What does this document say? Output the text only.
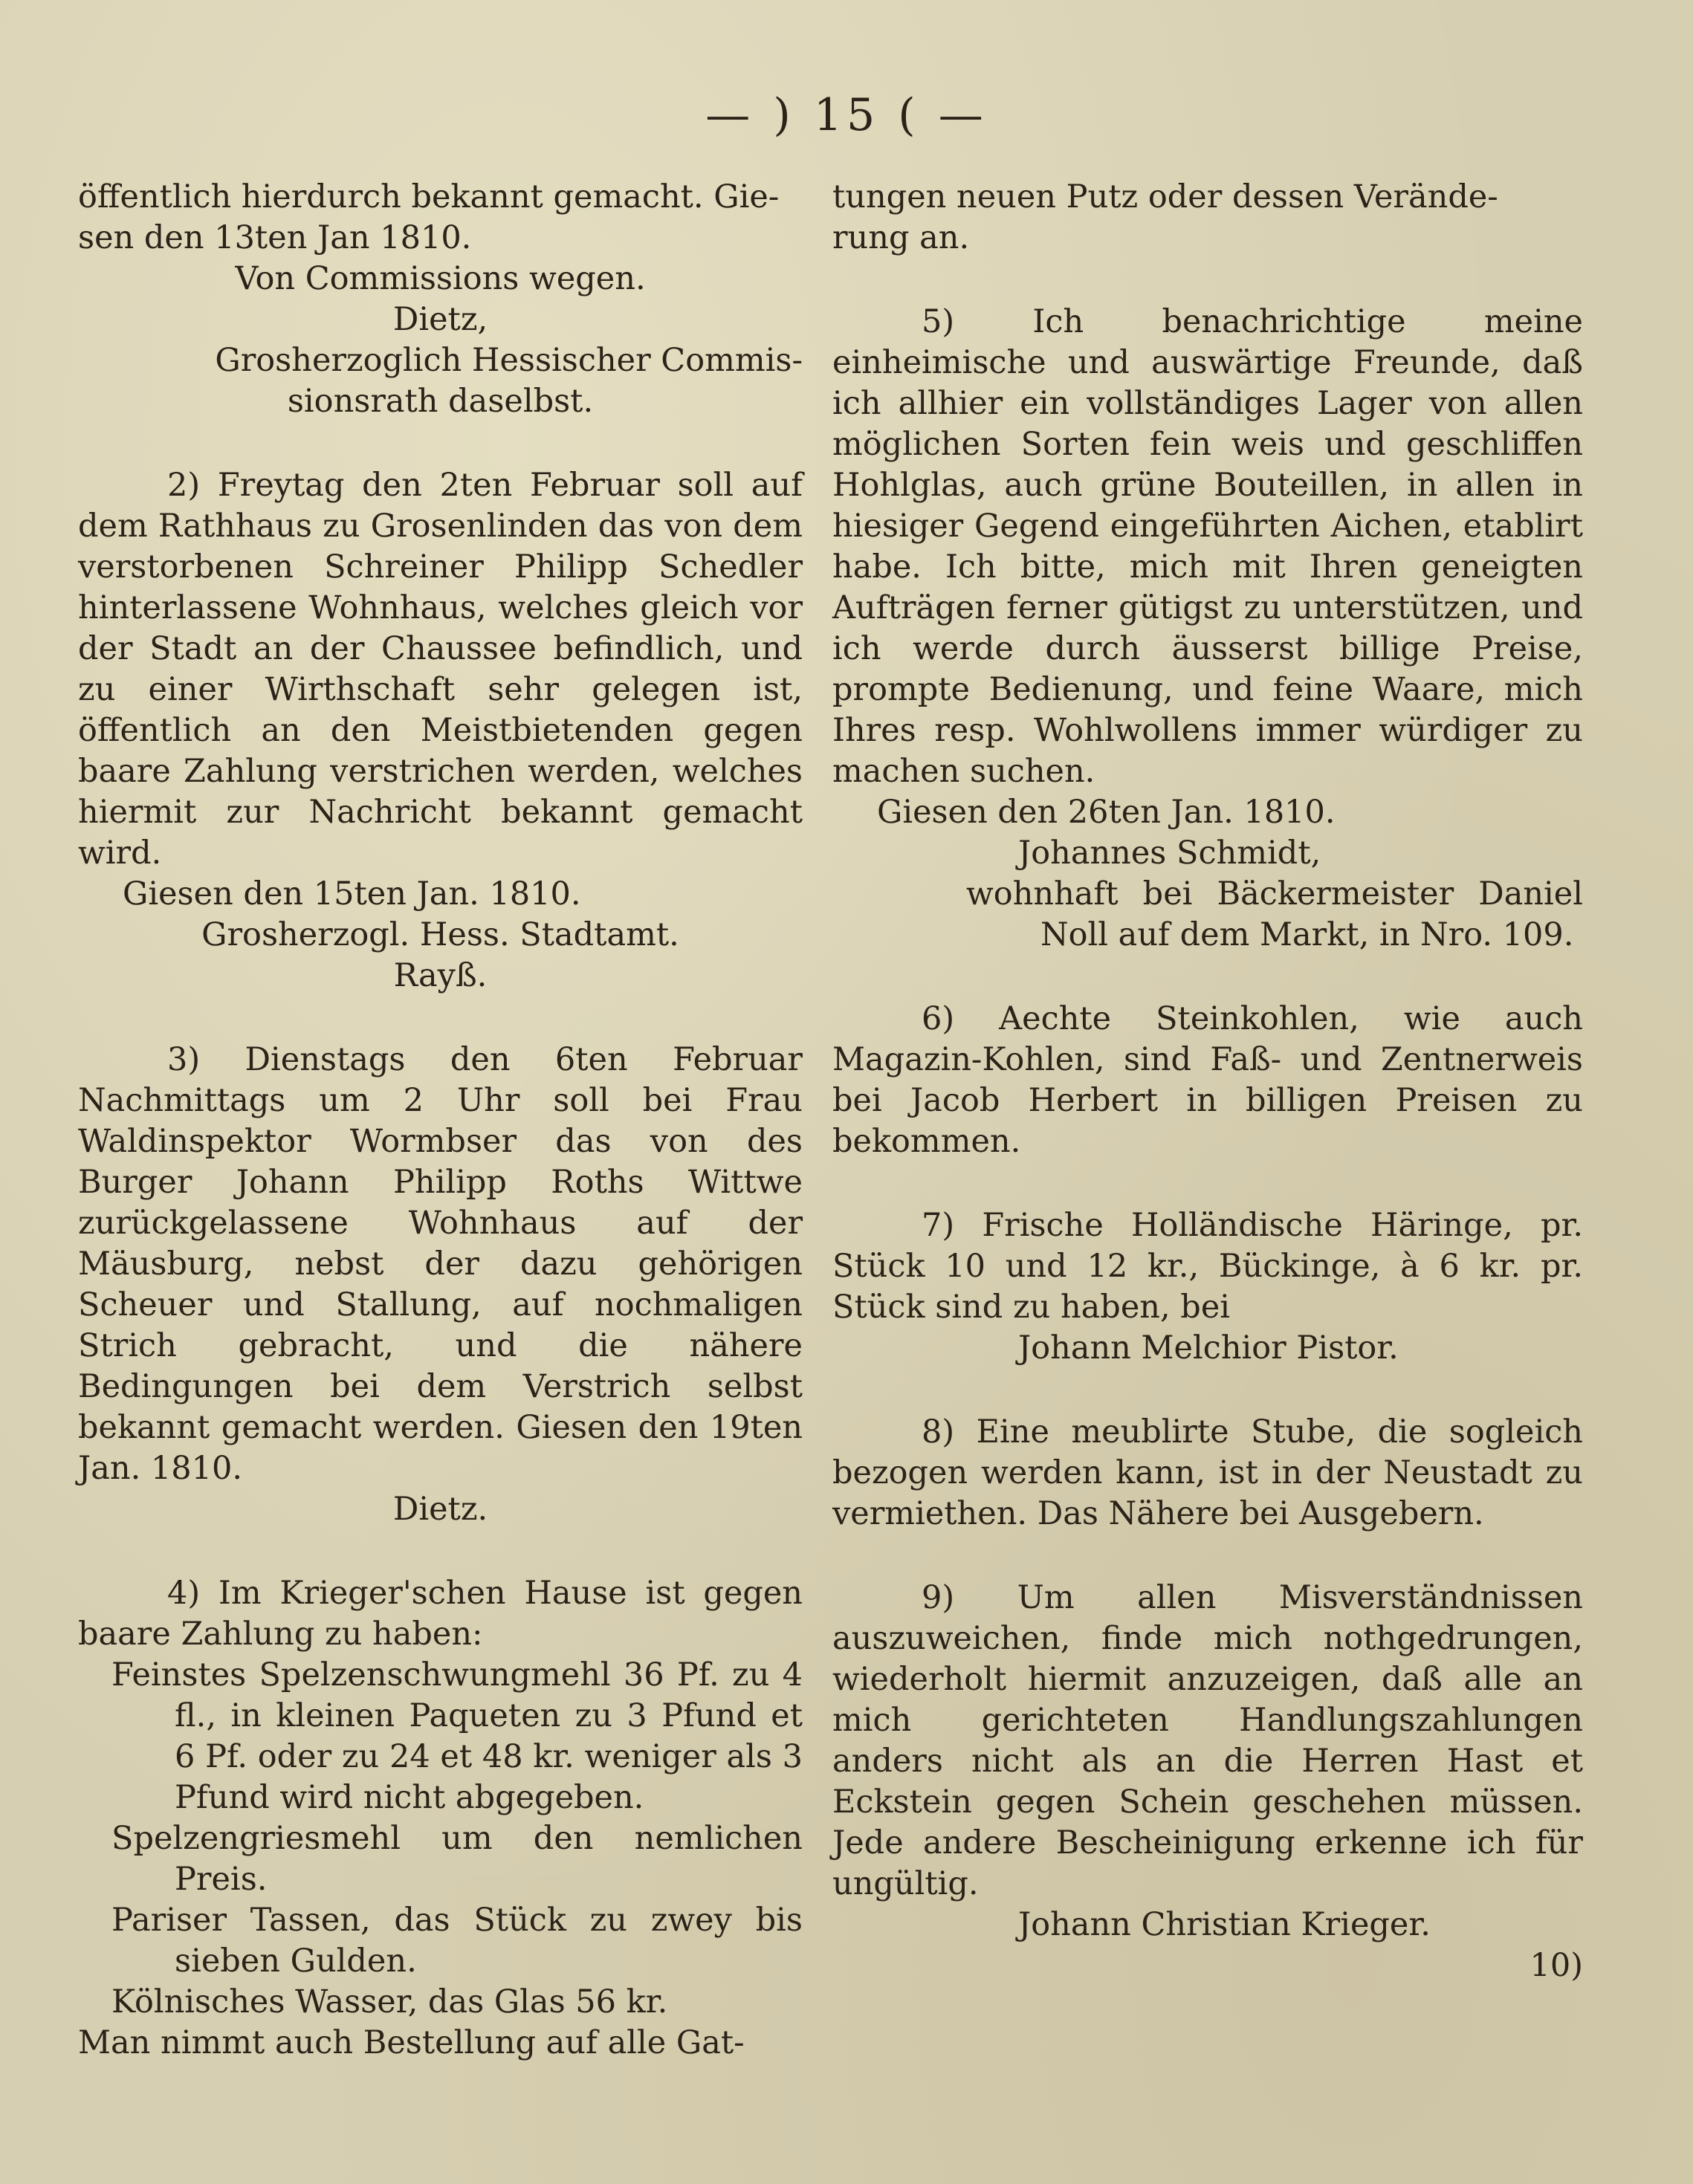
— ) 15 ( —

öffentlich hierdurch bekannt gemacht. Gie-

sen den 13ten Jan 1810.

Von Commissions wegen.

Dietz,

Grosherzoglich Hessischer Commis-

sionsrath daselbst.

2) Freytag den 2ten Februar soll auf dem Rathhaus zu Grosenlinden das von dem verstorbenen Schreiner Philipp Schedler hinterlassene Wohnhaus, welches gleich vor der Stadt an der Chaussee befindlich, und zu einer Wirthschaft sehr gelegen ist, öffentlich an den Meistbietenden gegen baare Zahlung verstrichen werden, welches hiermit zur Nachricht bekannt gemacht wird.

Giesen den 15ten Jan. 1810.

Grosherzogl. Hess. Stadtamt.

Rayß.

3) Dienstags den 6ten Februar Nachmittags um 2 Uhr soll bei Frau Waldinspektor Wormbser das von des Burger Johann Philipp Roths Wittwe zurückgelassene Wohnhaus auf der Mäusburg, nebst der dazu gehörigen Scheuer und Stallung, auf nochmaligen Strich gebracht, und die nähere Bedingungen bei dem Verstrich selbst bekannt gemacht werden. Giesen den 19ten Jan. 1810.

Dietz.

4) Im Krieger'schen Hause ist gegen baare Zahlung zu haben:

Feinstes Spelzenschwungmehl 36 Pf. zu 4 fl., in kleinen Paqueten zu 3 Pfund et 6 Pf. oder zu 24 et 48 kr. weniger als 3 Pfund wird nicht abgegeben.

Spelzengriesmehl um den nemlichen Preis.

Pariser Tassen, das Stück zu zwey bis sieben Gulden.

Kölnisches Wasser, das Glas 56 kr.

Man nimmt auch Bestellung auf alle Gat-

tungen neuen Putz oder dessen Verände-

rung an.

5) Ich benachrichtige meine einheimische und auswärtige Freunde, daß ich allhier ein vollständiges Lager von allen möglichen Sorten fein weis und geschliffen Hohlglas, auch grüne Bouteillen, in allen in hiesiger Gegend eingeführten Aichen, etablirt habe. Ich bitte, mich mit Ihren geneigten Aufträgen ferner gütigst zu unterstützen, und ich werde durch äusserst billige Preise, prompte Bedienung, und feine Waare, mich Ihres resp. Wohlwollens immer würdiger zu machen suchen.

Giesen den 26ten Jan. 1810.

Johannes Schmidt,

wohnhaft bei Bäckermeister Daniel Noll auf dem Markt, in Nro. 109.

6) Aechte Steinkohlen, wie auch Magazin-Kohlen, sind Faß- und Zentnerweis bei Jacob Herbert in billigen Preisen zu bekommen.

7) Frische Holländische Häringe, pr. Stück 10 und 12 kr., Bückinge, à 6 kr. pr. Stück sind zu haben, bei

Johann Melchior Pistor.

8) Eine meublirte Stube, die sogleich bezogen werden kann, ist in der Neustadt zu vermiethen. Das Nähere bei Ausgebern.

9) Um allen Misverständnissen auszuweichen, finde mich nothgedrungen, wiederholt hiermit anzuzeigen, daß alle an mich gerichteten Handlungszahlungen anders nicht als an die Herren Hast et Eckstein gegen Schein geschehen müssen. Jede andere Bescheinigung erkenne ich für ungültig.

Johann Christian Krieger.

10)
